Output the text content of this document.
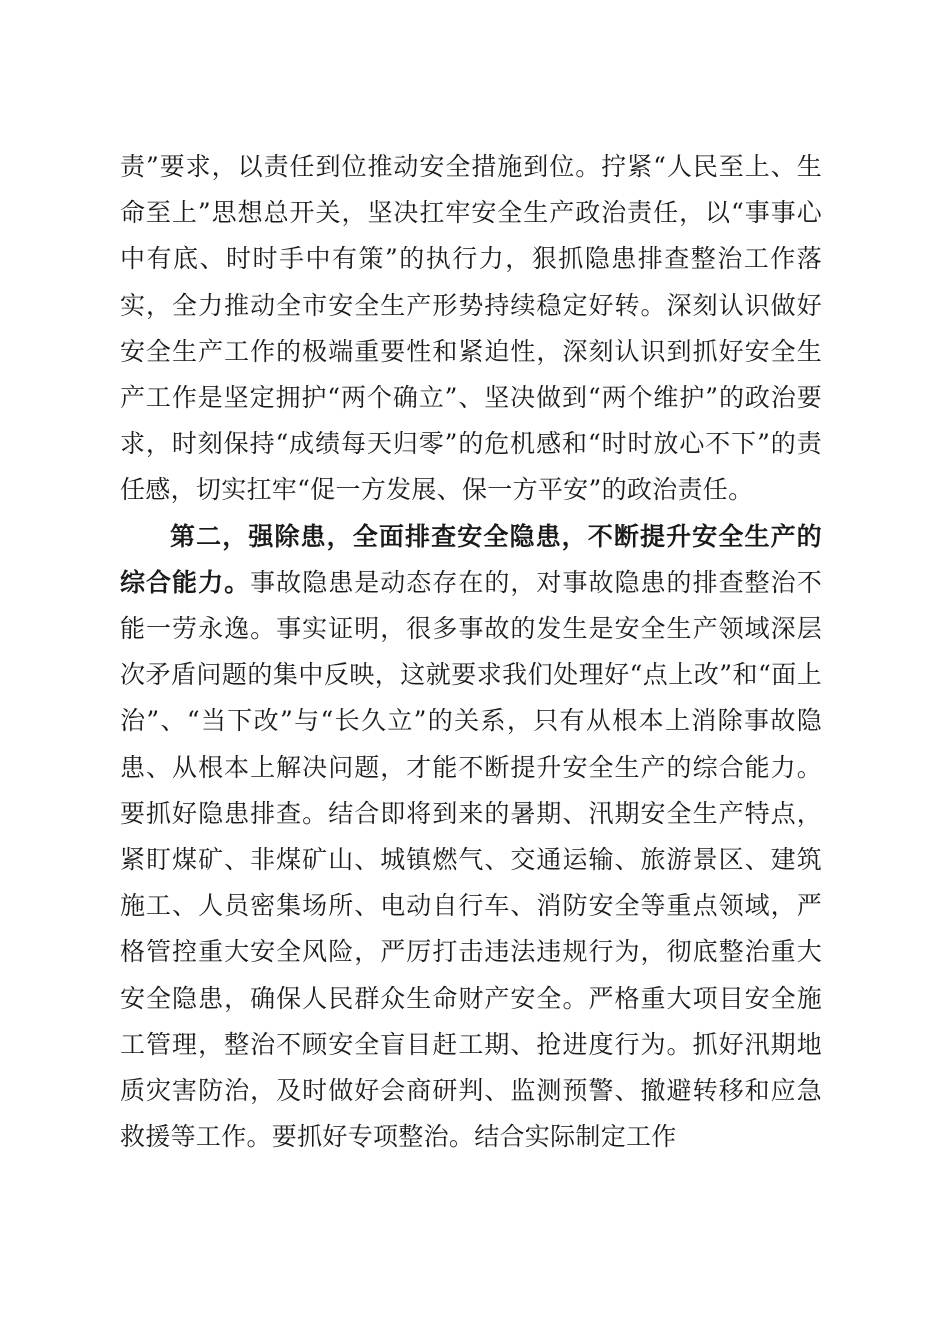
责”要求，以责任到位推动安全措施到位。拧紧“人民至上、生命至上”思想总开关，坚决扛牢安全生产政治责任，以“事事心中有底、时时手中有策”的执行力，狠抓隐患排查整治工作落实，全力推动全市安全生产形势持续稳定好转。深刻认识做好安全生产工作的极端重要性和紧迫性，深刻认识到抓好安全生产工作是坚定拥护“两个确立”、坚决做到“两个维护”的政治要求，时刻保持“成绩每天归零”的危机感和“时时放心不下”的责任感，切实扛牢“促一方发展、保一方平安”的政治责任。

第二，强除患，全面排查安全隐患，不断提升安全生产的综合能力。事故隐患是动态存在的，对事故隐患的排查整治不能一劳永逸。事实证明，很多事故的发生是安全生产领域深层次矛盾问题的集中反映，这就要求我们处理好“点上改”和“面上治”、“当下改”与“长久立”的关系，只有从根本上消除事故隐患、从根本上解决问题，才能不断提升安全生产的综合能力。要抓好隐患排查。结合即将到来的暑期、汛期安全生产特点，紧盯煤矿、非煤矿山、城镇燃气、交通运输、旅游景区、建筑施工、人员密集场所、电动自行车、消防安全等重点领域，严格管控重大安全风险，严厉打击违法违规行为，彻底整治重大安全隐患，确保人民群众生命财产安全。严格重大项目安全施工管理，整治不顾安全盲目赶工期、抢进度行为。抓好汛期地质灾害防治，及时做好会商研判、监测预警、撤避转移和应急救援等工作。要抓好专项整治。结合实际制定工作
